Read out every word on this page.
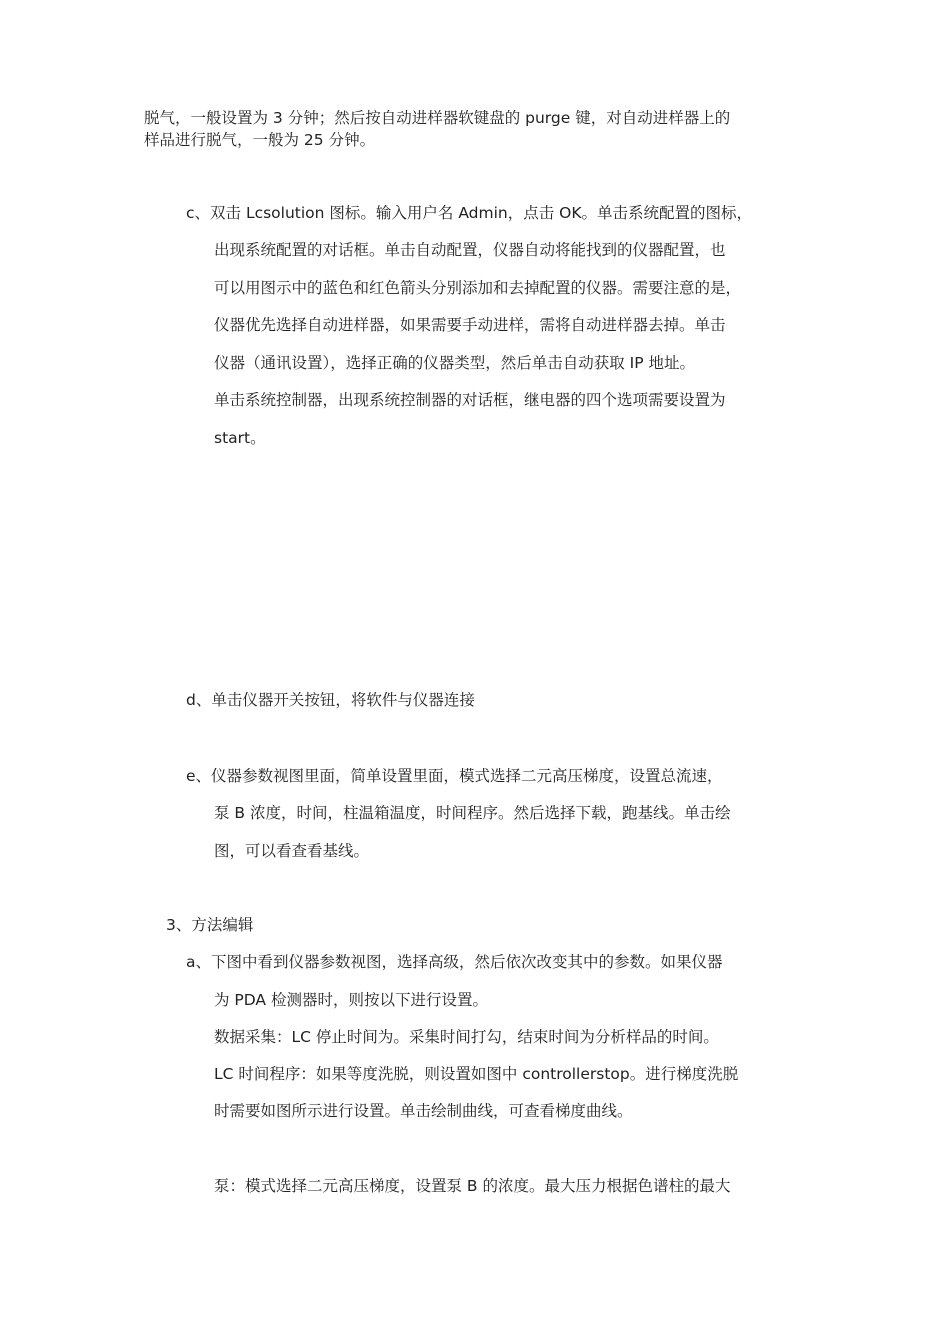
脱气，一般设置为 3 分钟；然后按自动进样器软键盘的 purge 键，对自动进样器上的
样品进行脱气，一般为 25 分钟。
c、双击 Lcsolution 图标。输入用户名 Admin，点击 OK。单击系统配置的图标，
出现系统配置的对话框。单击自动配置，仪器自动将能找到的仪器配置，也
可以用图示中的蓝色和红色箭头分别添加和去掉配置的仪器。需要注意的是，
仪器优先选择自动进样器，如果需要手动进样，需将自动进样器去掉。单击
仪器（通讯设置），选择正确的仪器类型，然后单击自动获取 IP 地址。
单击系统控制器，出现系统控制器的对话框，继电器的四个选项需要设置为
start。
d、单击仪器开关按钮，将软件与仪器连接
e、仪器参数视图里面，简单设置里面，模式选择二元高压梯度，设置总流速，
泵 B 浓度，时间，柱温箱温度，时间程序。然后选择下载，跑基线。单击绘
图，可以看查看基线。
3、方法编辑
a、下图中看到仪器参数视图，选择高级，然后依次改变其中的参数。如果仪器
为 PDA 检测器时，则按以下进行设置。
数据采集：LC 停止时间为。采集时间打勾，结束时间为分析样品的时间。
LC 时间程序：如果等度洗脱，则设置如图中 controllerstop。进行梯度洗脱
时需要如图所示进行设置。单击绘制曲线，可查看梯度曲线。
泵：模式选择二元高压梯度，设置泵 B 的浓度。最大压力根据色谱柱的最大
